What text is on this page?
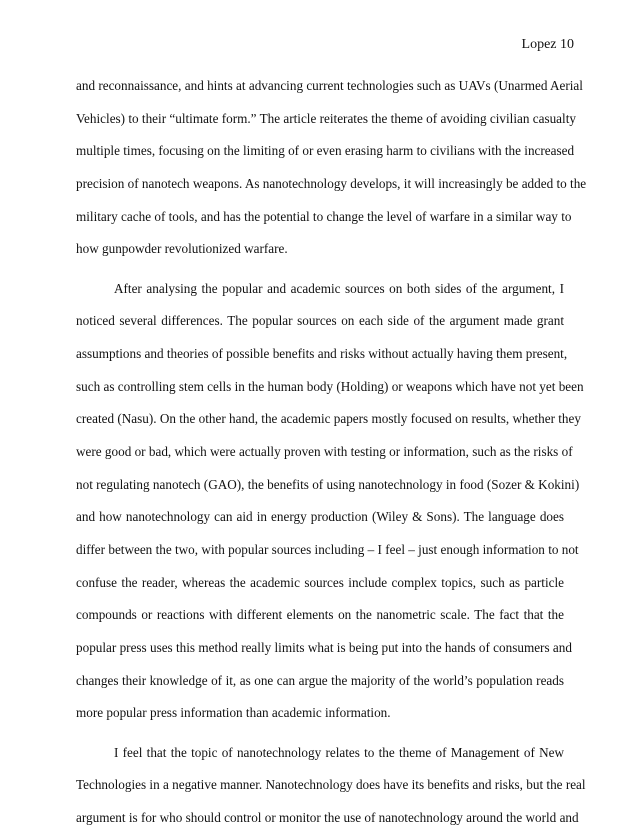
Lopez 10
and reconnaissance, and hints at advancing current technologies such as UAVs (Unarmed Aerial
Vehicles) to their “ultimate form.” The article reiterates the theme of avoiding civilian casualty
multiple times, focusing on the limiting of or even erasing harm to civilians with the increased
precision of nanotech weapons. As nanotechnology develops, it will increasingly be added to the
military cache of tools, and has the potential to change the level of warfare in a similar way to
how gunpowder revolutionized warfare.
After analysing the popular and academic sources on both sides of the argument, I
noticed several differences. The popular sources on each side of the argument made grant
assumptions and theories of possible benefits and risks without actually having them present,
such as controlling stem cells in the human body (Holding) or weapons which have not yet been
created (Nasu). On the other hand, the academic papers mostly focused on results, whether they
were good or bad, which were actually proven with testing or information, such as the risks of
not regulating nanotech (GAO), the benefits of using nanotechnology in food (Sozer & Kokini)
and how nanotechnology can aid in energy production (Wiley & Sons). The language does
differ between the two, with popular sources including – I feel – just enough information to not
confuse the reader, whereas the academic sources include complex topics, such as particle
compounds or reactions with different elements on the nanometric scale. The fact that the
popular press uses this method really limits what is being put into the hands of consumers and
changes their knowledge of it, as one can argue the majority of the world’s population reads
more popular press information than academic information.
I feel that the topic of nanotechnology relates to the theme of Management of New
Technologies in a negative manner. Nanotechnology does have its benefits and risks, but the real
argument is for who should control or monitor the use of nanotechnology around the world and
